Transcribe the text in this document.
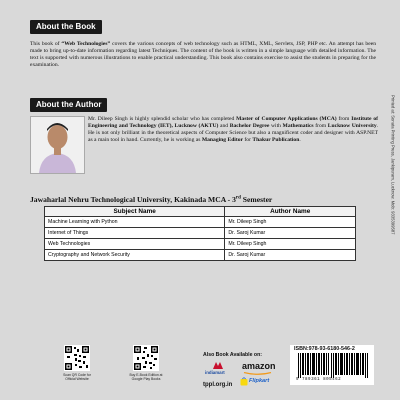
About the Book
This book of “Web Technologies” covers the various concepts of web technology such as HTML, XML, Servlets, JSP, PHP etc. An attempt has been made to bring up-to-date information regarding latest Techniques. The content of the book is written in a simple language with detailed information. The text is supported with numerous illustrations to enable practical understanding. This book also contains exercise to assist the students in preparing for the examination.
About the Author
Mr. Dileep Singh is highly splendid scholar who has completed Master of Computer Applications (MCA) from Institute of Engineering and Technology (IET), Lucknow (AKTU) and Bachelor Degree with Mathematics from Lucknow University. He is not only brilliant in the theoretical aspects of Computer Science but also a magnificent coder and designer with ASP.NET as a main tool in hand. Currently, he is working as Managing Editor for Thakur Publication.
Jawaharlal Nehru Technological University, Kakinada MCA - 3rd Semester
Subject Name	Author Name
Machine Learning with Python	Mr. Dileep Singh
Internet of Things	Dr. Saroj Kumar
Web Technologies	Mr. Dileep Singh
Cryptography and Network Security	Dr. Saroj Kumar
Printed at: Sonata Printing Press, Jankipuram, Lucknow. Mob: 9335399587
Scan QR Code for Official Website
Buy E-Book Edition at Google Play Books
Also Book Available on:
amazon
indiamart
Flipkart
tppl.org.in
ISBN:978-93-6180-546-2
9 789361 805462
